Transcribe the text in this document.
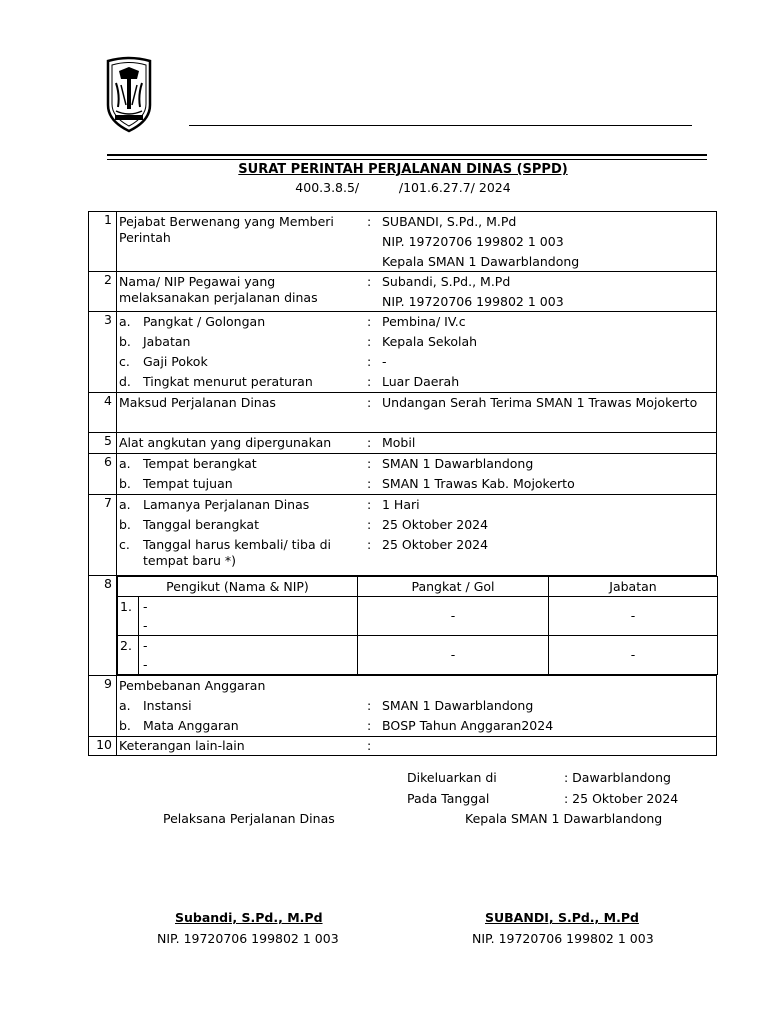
SURAT PERINTAH PERJALANAN DINAS (SPPD)
400.3.8.5/          /101.6.27.7/ 2024
1	Pejabat Berwenang yang Memberi Perintah
: SUBANDI, S.Pd., M.Pd
NIP. 19720706 199802 1 003
Kepala SMAN 1 Dawarblandong

2	Nama/ NIP Pegawai yang melaksanakan perjalanan dinas
: Subandi, S.Pd., M.Pd
NIP. 19720706 199802 1 003

3	a. Pangkat / Golongan	: Pembina/ IV.c
b. Jabatan	: Kepala Sekolah
c. Gaji Pokok	: -
d. Tingkat menurut peraturan	: Luar Daerah

4	Maksud Perjalanan Dinas	: Undangan Serah Terima SMAN 1 Trawas Mojokerto

5	Alat angkutan yang dipergunakan	: Mobil

6	a. Tempat berangkat	: SMAN 1 Dawarblandong
b. Tempat tujuan	: SMAN 1 Trawas Kab. Mojokerto

7	a. Lamanya Perjalanan Dinas	: 1 Hari
b. Tanggal berangkat	: 25 Oktober 2024
c. Tanggal harus kembali/ tiba di tempat baru *)
: 25 Oktober 2024

8		Pengikut (Nama & NIP)	Pangkat / Gol	Jabatan

1. -
-
	-	-

2. -
-
	-	-

9	Pembebanan Anggaran
a. Instansi	: SMAN 1 Dawarblandong
b. Mata Anggaran	: BOSP Tahun Anggaran2024

10	Keterangan lain-lain	:
Dikeluarkan di	: Dawarblandong
Pada Tanggal	: 25 Oktober 2024
Pelaksana Perjalanan Dinas	Kepala SMAN 1 Dawarblandong
Subandi, S.Pd., M.Pd
NIP. 19720706 199802 1 003
SUBANDI, S.Pd., M.Pd
NIP. 19720706 199802 1 003
